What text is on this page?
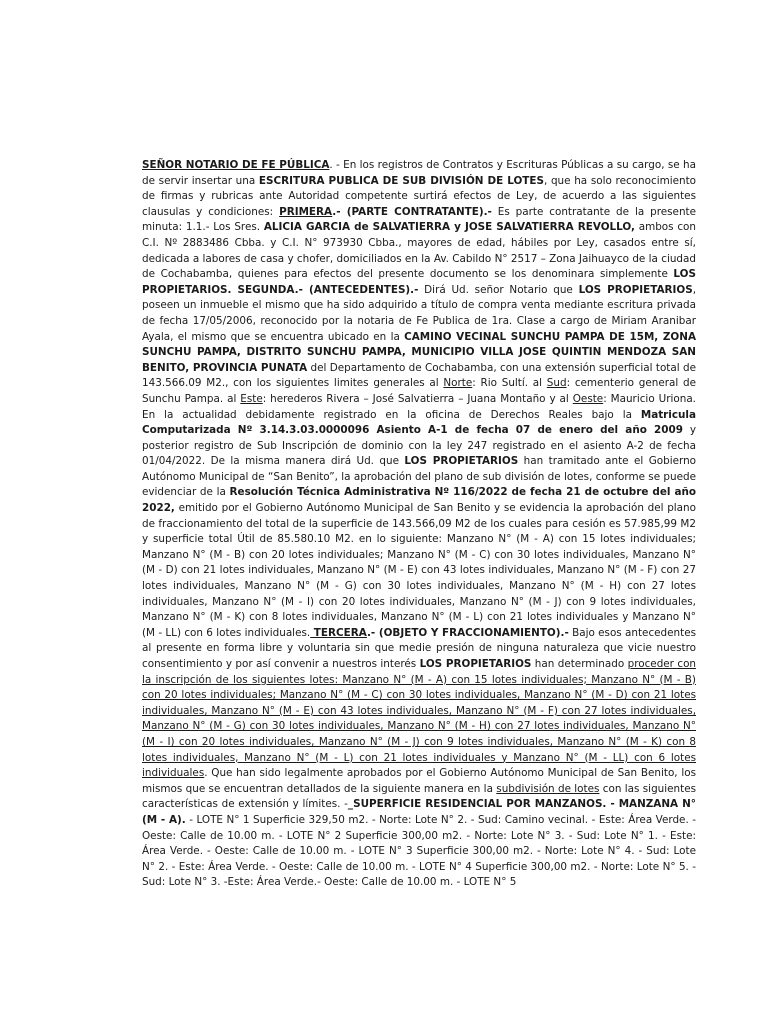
SEÑOR NOTARIO DE FE PÚBLICA. - En los registros de Contratos y Escrituras Públicas a su cargo, se ha de servir insertar una ESCRITURA PUBLICA DE SUB DIVISIÓN DE LOTES, que ha solo reconocimiento de firmas y rubricas ante Autoridad competente surtirá efectos de Ley, de acuerdo a las siguientes clausulas y condiciones: PRIMERA.- (PARTE CONTRATANTE).- Es parte contratante de la presente minuta: 1.1.- Los Sres. ALICIA GARCIA de SALVATIERRA y JOSE SALVATIERRA REVOLLO, ambos con C.I. Nº 2883486 Cbba. y C.I. N° 973930 Cbba., mayores de edad, hábiles por Ley, casados entre sí, dedicada a labores de casa y chofer, domiciliados en la Av. Cabildo N° 2517 – Zona Jaihuayco de la ciudad de Cochabamba, quienes para efectos del presente documento se los denominara simplemente LOS PROPIETARIOS. SEGUNDA.- (ANTECEDENTES).- Dirá Ud. señor Notario que LOS PROPIETARIOS, poseen un inmueble el mismo que ha sido adquirido a título de compra venta mediante escritura privada de fecha 17/05/2006, reconocido por la notaria de Fe Publica de 1ra. Clase a cargo de Miriam Aranibar Ayala, el mismo que se encuentra ubicado en la CAMINO VECINAL SUNCHU PAMPA DE 15M, ZONA SUNCHU PAMPA, DISTRITO SUNCHU PAMPA, MUNICIPIO VILLA JOSE QUINTIN MENDOZA SAN BENITO, PROVINCIA PUNATA del Departamento de Cochabamba, con una extensión superficial total de 143.566.09 M2., con los siguientes limites generales al Norte: Rio Sultí. al Sud: cementerio general de Sunchu Pampa. al Este: herederos Rivera – José Salvatierra – Juana Montaño y al Oeste: Mauricio Uriona. En la actualidad debidamente registrado en la oficina de Derechos Reales bajo la Matricula Computarizada Nº 3.14.3.03.0000096 Asiento A-1 de fecha 07 de enero del año 2009 y posterior registro de Sub Inscripción de dominio con la ley 247 registrado en el asiento A-2 de fecha 01/04/2022. De la misma manera dirá Ud. que LOS PROPIETARIOS han tramitado ante el Gobierno Autónomo Municipal de “San Benito”, la aprobación del plano de sub división de lotes, conforme se puede evidenciar de la Resolución Técnica Administrativa Nº 116/2022 de fecha 21 de octubre del año 2022, emitido por el Gobierno Autónomo Municipal de San Benito y se evidencia la aprobación del plano de fraccionamiento del total de la superficie de 143.566,09 M2 de los cuales para cesión es 57.985,99 M2 y superficie total Útil de 85.580.10 M2. en lo siguiente: Manzano N° (M - A) con 15 lotes individuales; Manzano N° (M - B) con 20 lotes individuales; Manzano N° (M - C) con 30 lotes individuales, Manzano N° (M - D) con 21 lotes individuales, Manzano N° (M - E) con 43 lotes individuales, Manzano N° (M - F) con 27 lotes individuales, Manzano N° (M - G) con 30 lotes individuales, Manzano N° (M - H) con 27 lotes individuales, Manzano N° (M - I) con 20 lotes individuales, Manzano N° (M - J) con 9 lotes individuales, Manzano N° (M - K) con 8 lotes individuales, Manzano N° (M - L) con 21 lotes individuales y Manzano N° (M - LL) con 6 lotes individuales. TERCERA.- (OBJETO Y FRACCIONAMIENTO).- Bajo esos antecedentes al presente en forma libre y voluntaria sin que medie presión de ninguna naturaleza que vicie nuestro consentimiento y por así convenir a nuestros interés LOS PROPIETARIOS han determinado proceder con la inscripción de los siguientes lotes: Manzano N° (M - A) con 15 lotes individuales; Manzano N° (M - B) con 20 lotes individuales; Manzano N° (M - C) con 30 lotes individuales, Manzano N° (M - D) con 21 lotes individuales, Manzano N° (M - E) con 43 lotes individuales, Manzano N° (M - F) con 27 lotes individuales, Manzano N° (M - G) con 30 lotes individuales, Manzano N° (M - H) con 27 lotes individuales, Manzano N° (M - I) con 20 lotes individuales, Manzano N° (M - J) con 9 lotes individuales, Manzano N° (M - K) con 8 lotes individuales, Manzano N° (M - L) con 21 lotes individuales y Manzano N° (M - LL) con 6 lotes individuales. Que han sido legalmente aprobados por el Gobierno Autónomo Municipal de San Benito, los mismos que se encuentran detallados de la siguiente manera en la subdivisión de lotes con las siguientes características de extensión y límites. -_SUPERFICIE RESIDENCIAL POR MANZANOS. - MANZANA N° (M - A). - LOTE N° 1 Superficie 329,50 m2. - Norte: Lote N° 2. - Sud: Camino vecinal. - Este: Área Verde. - Oeste: Calle de 10.00 m. - LOTE N° 2 Superficie 300,00 m2. - Norte: Lote N° 3. - Sud: Lote N° 1. - Este: Área Verde. - Oeste: Calle de 10.00 m. - LOTE N° 3 Superficie 300,00 m2. - Norte: Lote N° 4. - Sud: Lote N° 2. - Este: Área Verde. - Oeste: Calle de 10.00 m. - LOTE N° 4 Superficie 300,00 m2. - Norte: Lote N° 5. - Sud: Lote N° 3. -Este: Área Verde.- Oeste: Calle de 10.00 m. - LOTE N° 5
